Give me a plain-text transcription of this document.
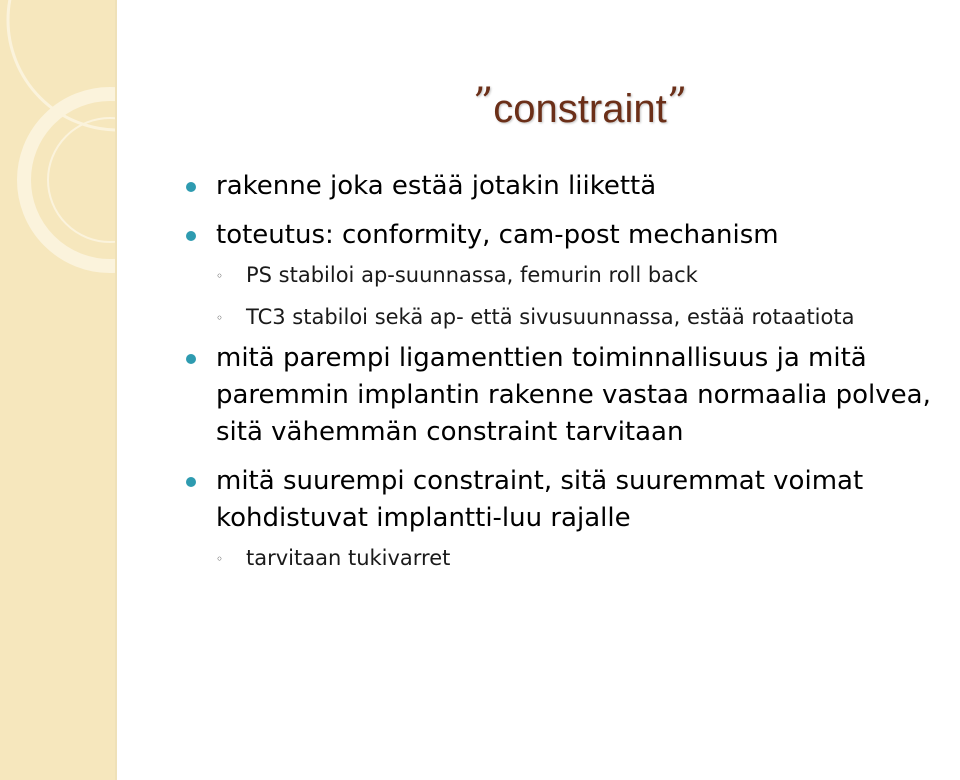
”constraint”
rakenne joka estää jotakin liikettä
toteutus: conformity, cam-post mechanism
◦ PS stabiloi ap-suunnassa, femurin roll back
◦ TC3 stabiloi sekä ap- että sivusuunnassa, estää rotaatiota
mitä parempi ligamenttien toiminnallisuus ja mitä paremmin implantin rakenne vastaa normaalia polvea, sitä vähemmän constraint tarvitaan
mitä suurempi constraint, sitä suuremmat voimat kohdistuvat implantti-luu rajalle
◦ tarvitaan tukivarret
